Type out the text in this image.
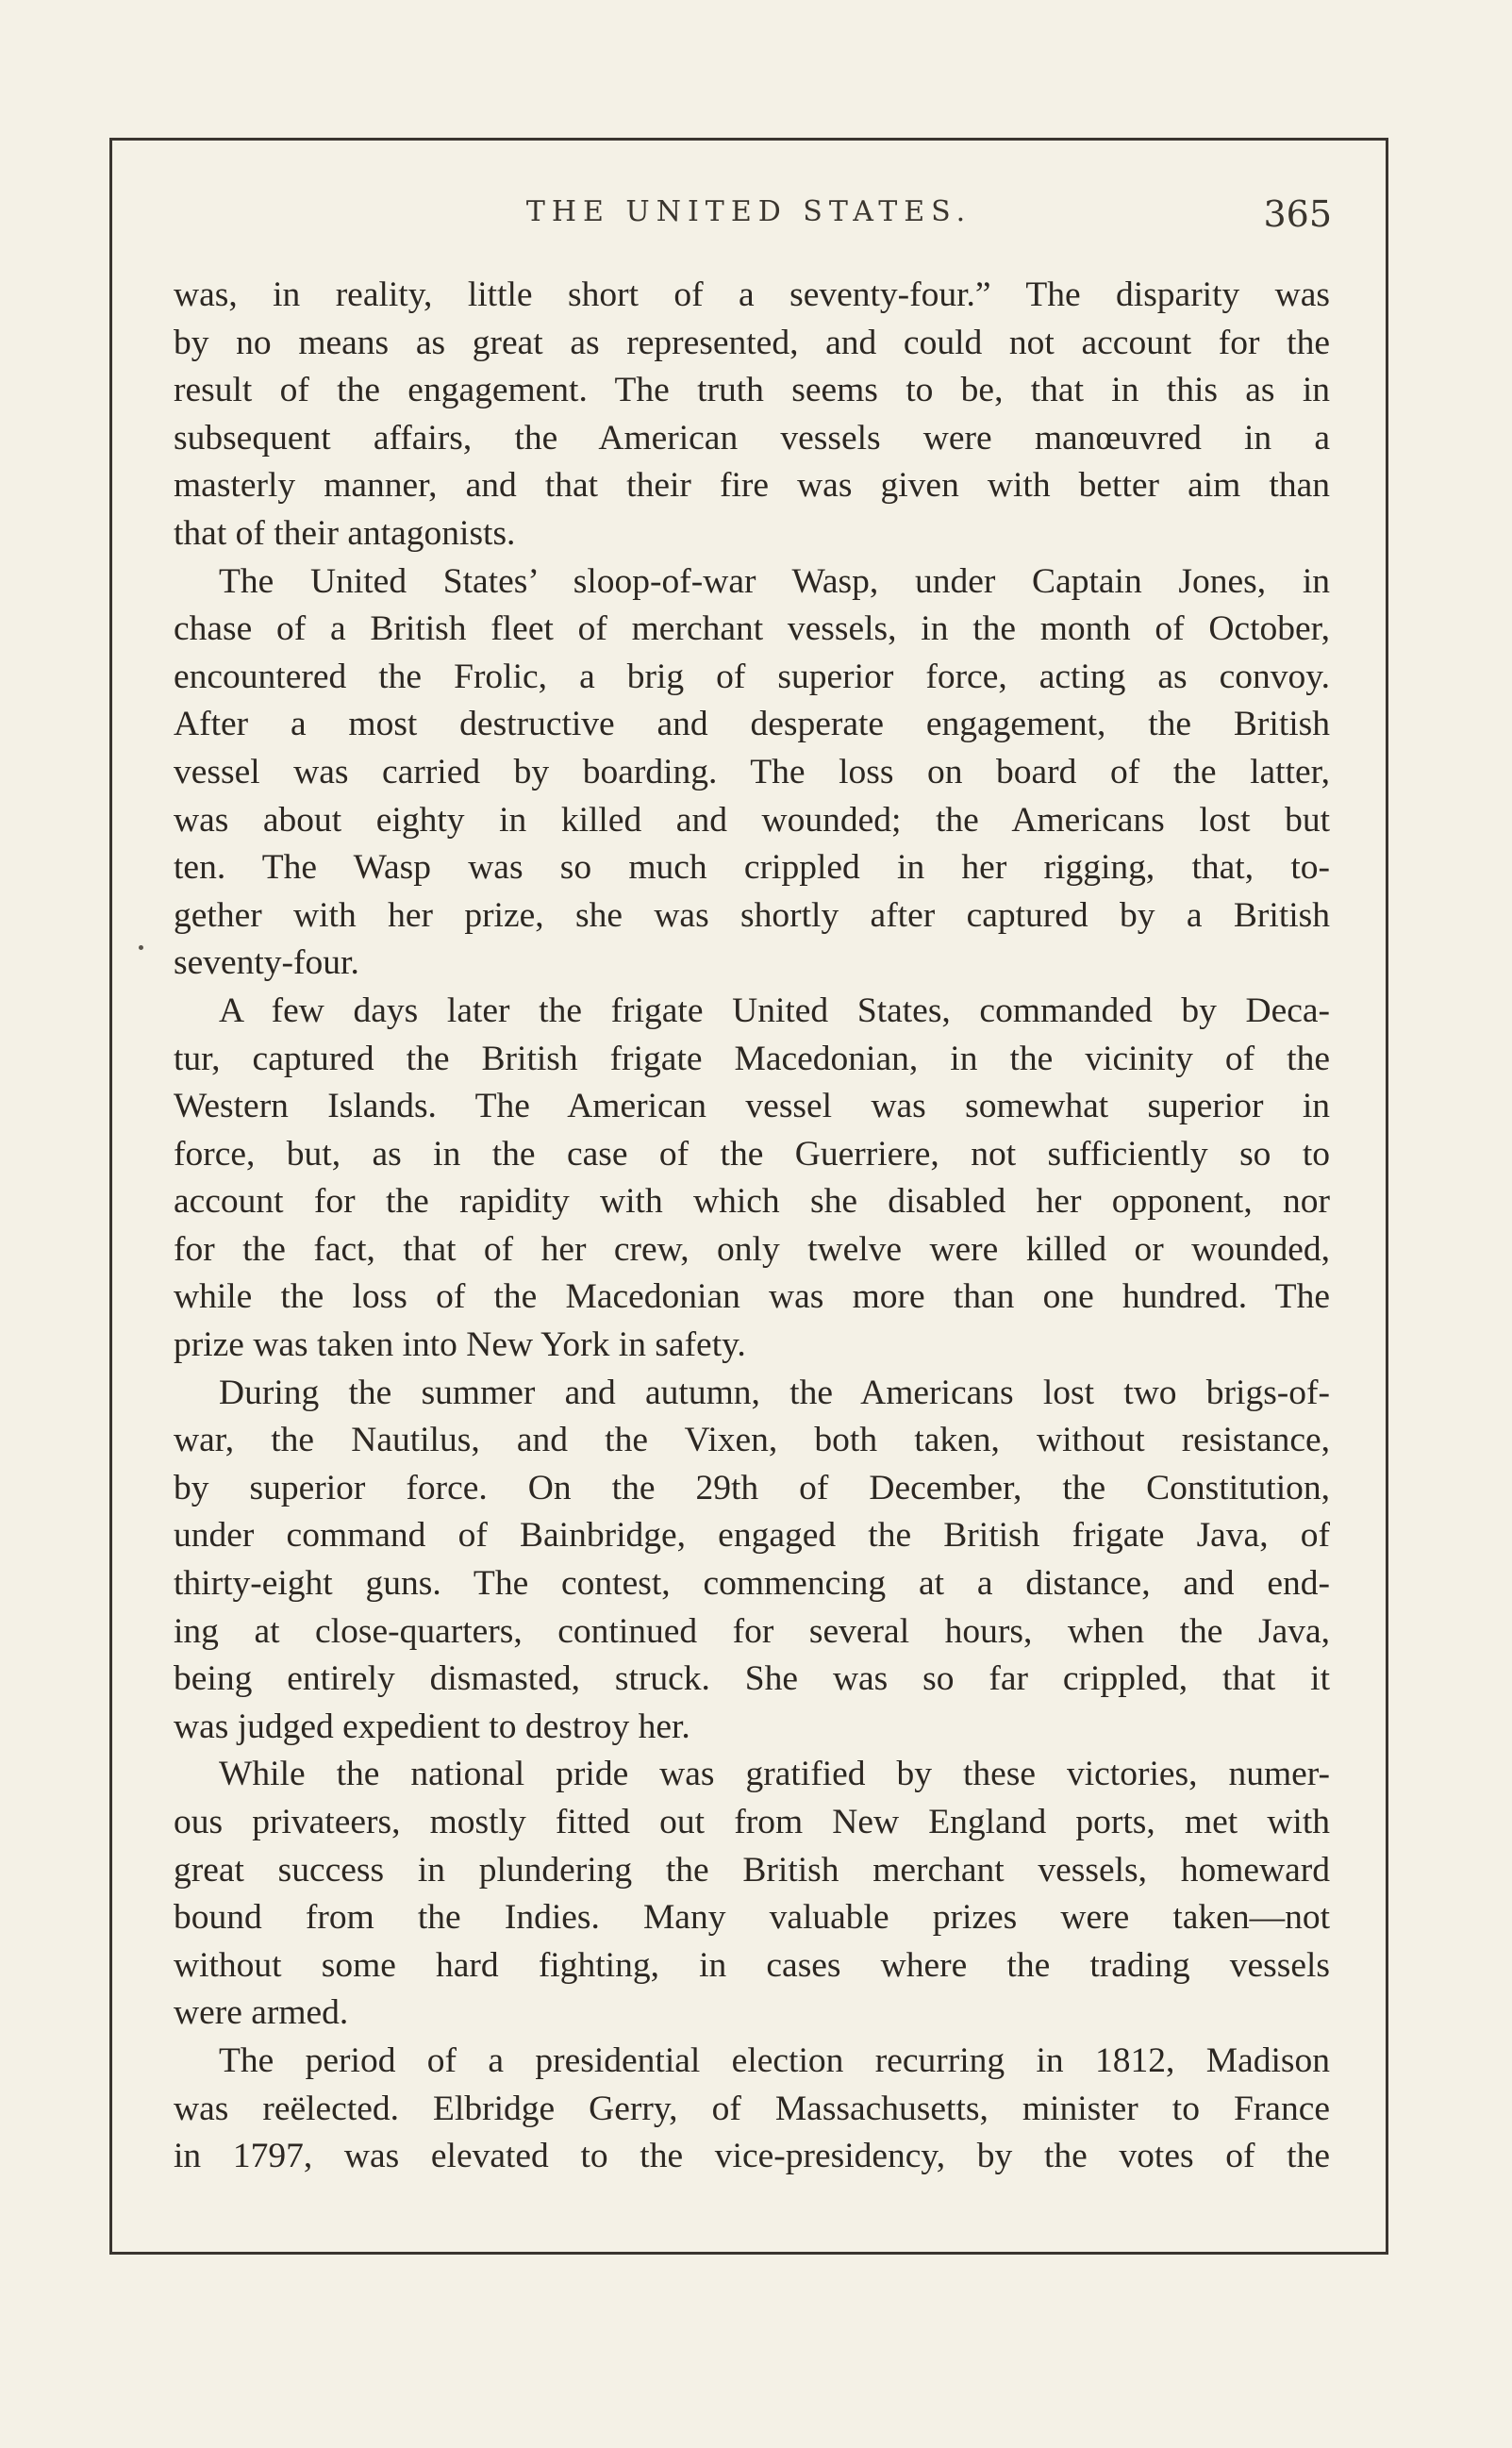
THE UNITED STATES.	365
was, in reality, little short of a seventy-four.” The disparity was
by no means as great as represented, and could not account for the
result of the engagement. The truth seems to be, that in this as in
subsequent affairs, the American vessels were manœuvred in a
masterly manner, and that their fire was given with better aim than
that of their antagonists.
The United States’ sloop-of-war Wasp, under Captain Jones, in
chase of a British fleet of merchant vessels, in the month of October,
encountered the Frolic, a brig of superior force, acting as convoy.
After a most destructive and desperate engagement, the British
vessel was carried by boarding. The loss on board of the latter,
was about eighty in killed and wounded; the Americans lost but
ten. The Wasp was so much crippled in her rigging, that, to-
gether with her prize, she was shortly after captured by a British
seventy-four.
A few days later the frigate United States, commanded by Deca-
tur, captured the British frigate Macedonian, in the vicinity of the
Western Islands. The American vessel was somewhat superior in
force, but, as in the case of the Guerriere, not sufficiently so to
account for the rapidity with which she disabled her opponent, nor
for the fact, that of her crew, only twelve were killed or wounded,
while the loss of the Macedonian was more than one hundred. The
prize was taken into New York in safety.
During the summer and autumn, the Americans lost two brigs-of-
war, the Nautilus, and the Vixen, both taken, without resistance,
by superior force. On the 29th of December, the Constitution,
under command of Bainbridge, engaged the British frigate Java, of
thirty-eight guns. The contest, commencing at a distance, and end-
ing at close-quarters, continued for several hours, when the Java,
being entirely dismasted, struck. She was so far crippled, that it
was judged expedient to destroy her.
While the national pride was gratified by these victories, numer-
ous privateers, mostly fitted out from New England ports, met with
great success in plundering the British merchant vessels, homeward
bound from the Indies. Many valuable prizes were taken—not
without some hard fighting, in cases where the trading vessels
were armed.
The period of a presidential election recurring in 1812, Madison
was reëlected. Elbridge Gerry, of Massachusetts, minister to France
in 1797, was elevated to the vice-presidency, by the votes of the
